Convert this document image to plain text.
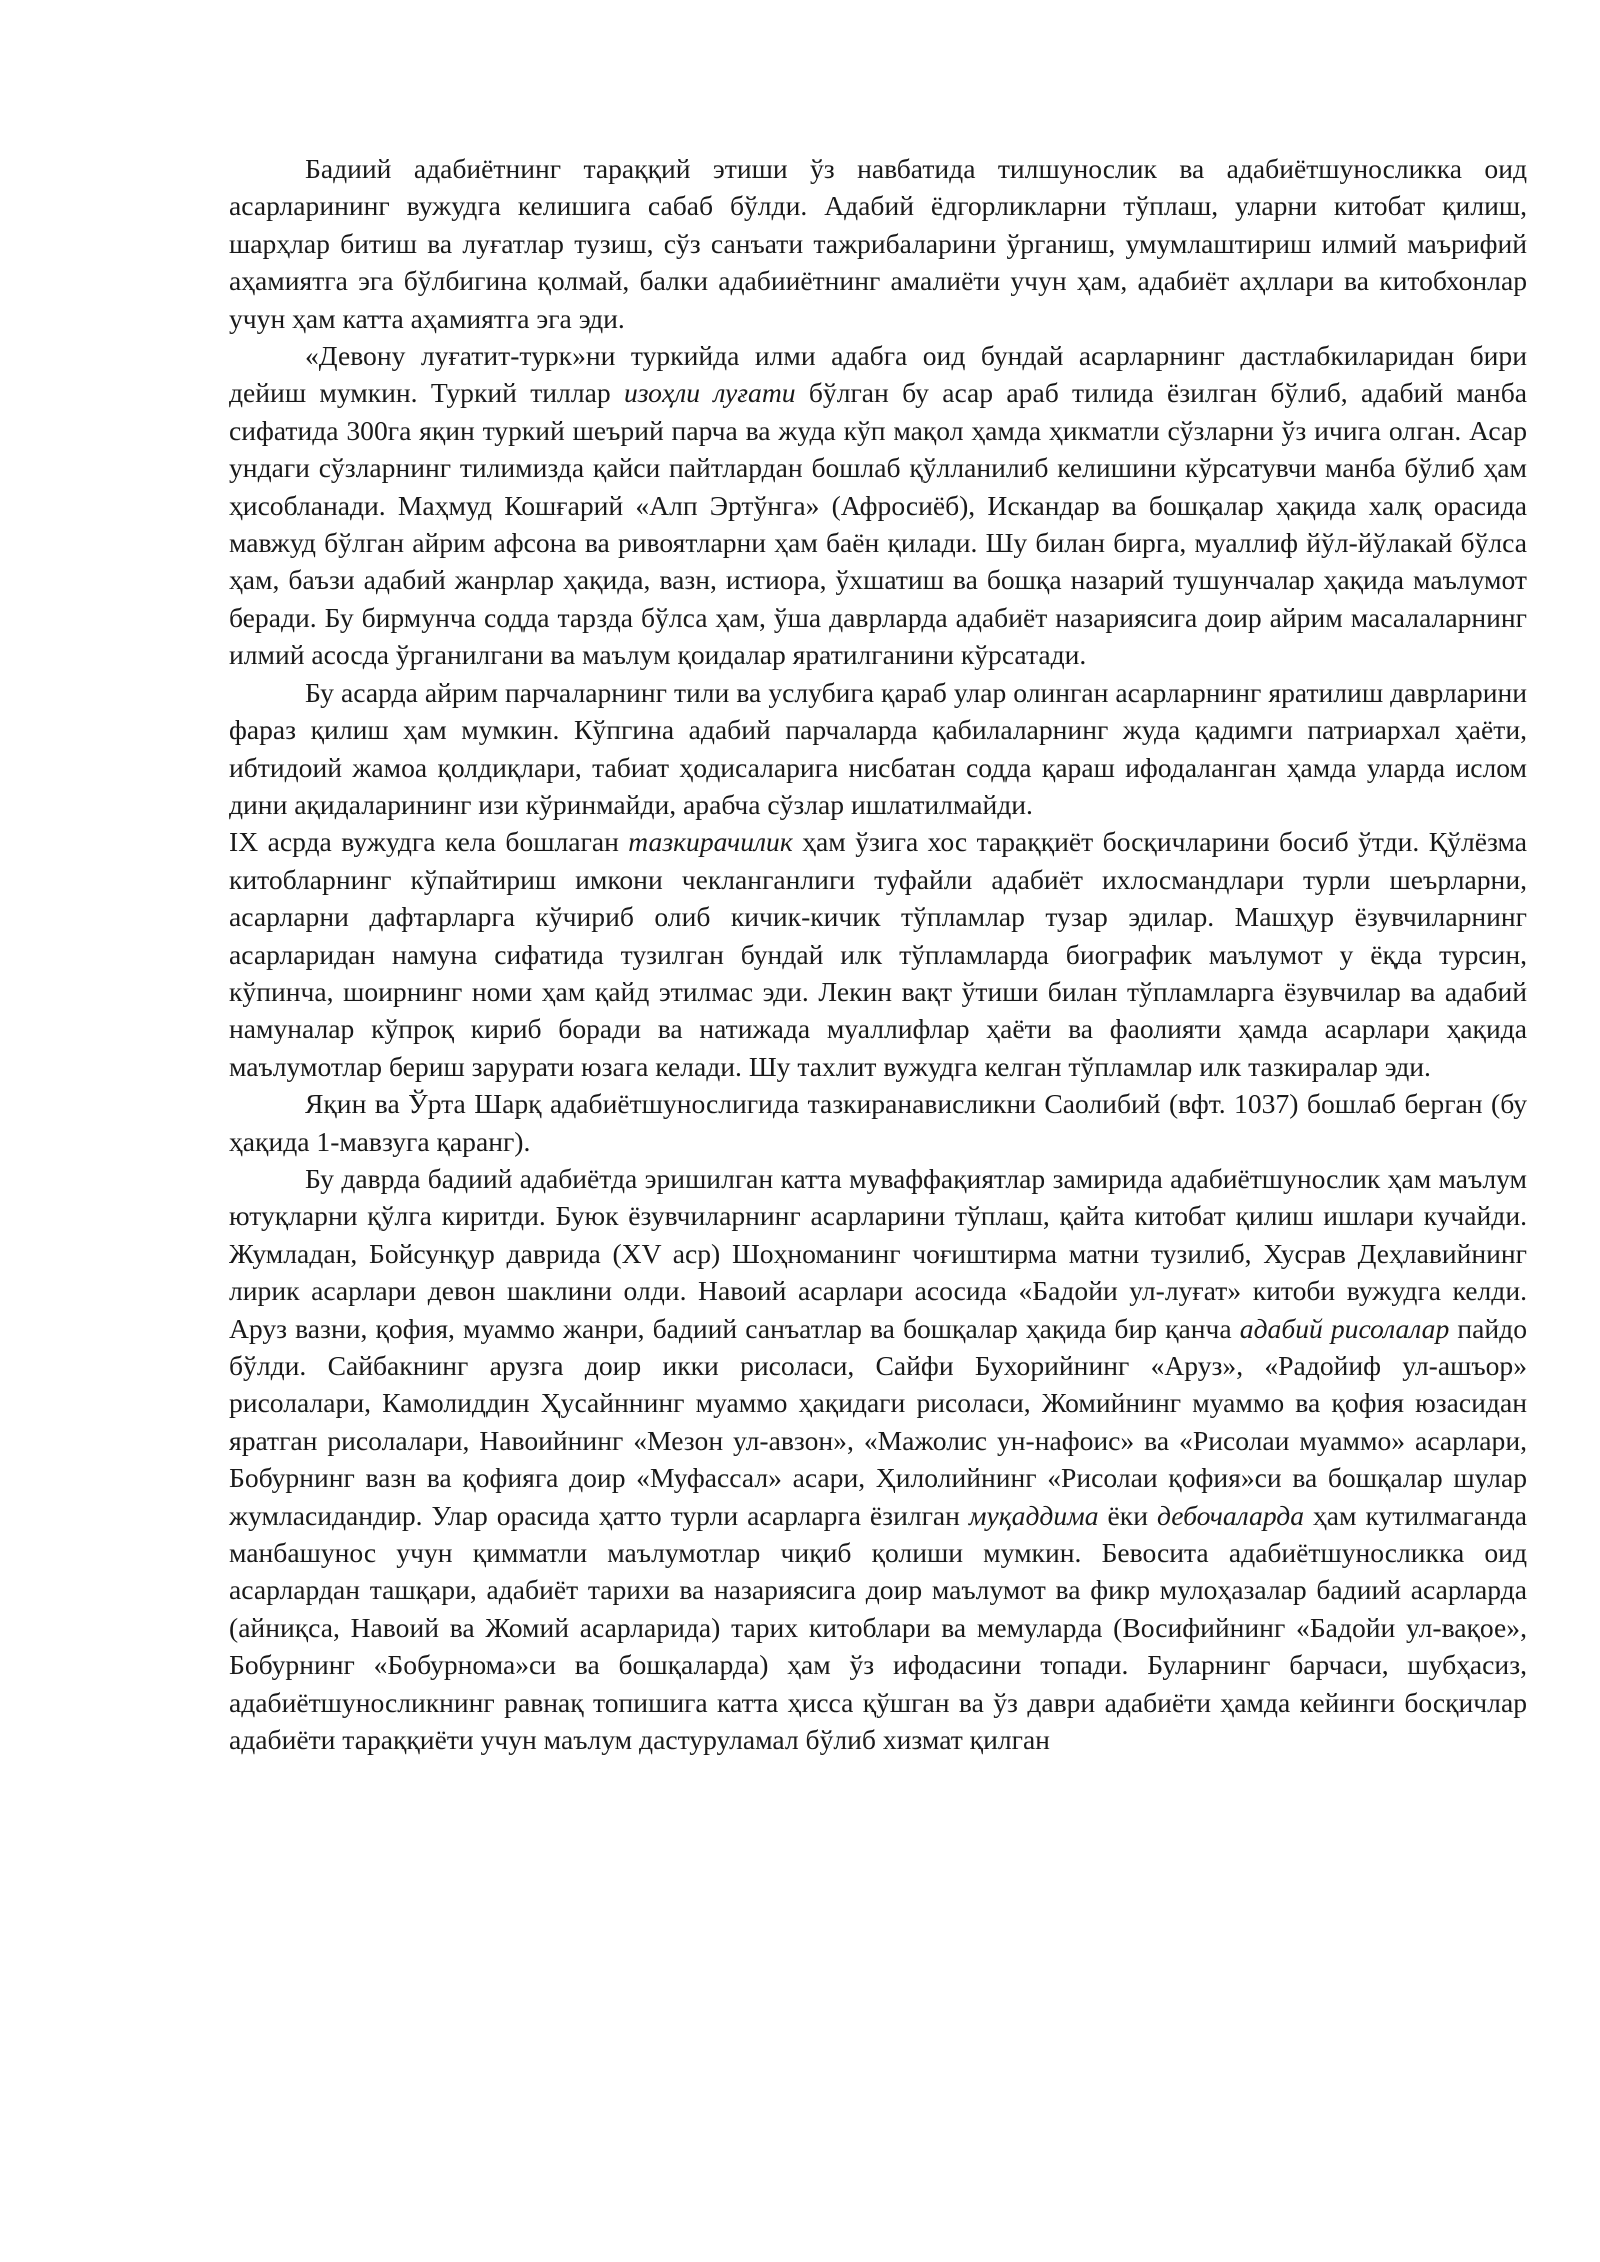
Бадиий адабиётнинг тараққий этиши ўз навбатида тилшунослик ва адабиётшуносликка оид асарларининг вужудга келишига сабаб бўлди. Адабий ёдгорликларни тўплаш, уларни китобат қилиш, шарҳлар битиш ва луғатлар тузиш, сўз санъати тажрибаларини ўрганиш, умумлаштириш илмий маърифий аҳамиятга эга бўлбигина қолмай, балки адабииётнинг амалиёти учун ҳам, адабиёт аҳллари ва китобхонлар учун ҳам катта аҳамиятга эга эди.

«Девону луғатит-турк»ни туркийда илми адабга оид бундай асарларнинг дастлабкиларидан бири дейиш мумкин. Туркий тиллар изоҳли луғати бўлган бу асар араб тилида ёзилган бўлиб, адабий манба сифатида 300га яқин туркий шеърий парча ва жуда кўп мақол ҳамда ҳикматли сўзларни ўз ичига олган. Асар ундаги сўзларнинг тилимизда қайси пайтлардан бошлаб қўлланилиб келишини кўрсатувчи манба бўлиб ҳам ҳисобланади. Маҳмуд Кошғарий «Алп Эртўнга» (Афросиёб), Искандар ва бошқалар ҳақида халқ орасида мавжуд бўлган айрим афсона ва ривоятларни ҳам баён қилади. Шу билан бирга, муаллиф йўл-йўлакай бўлса ҳам, баъзи адабий жанрлар ҳақида, вазн, истиора, ўхшатиш ва бошқа назарий тушунчалар ҳақида маълумот беради. Бу бирмунча содда тарзда бўлса ҳам, ўша даврларда адабиёт назариясига доир айрим масалаларнинг илмий асосда ўрганилгани ва маълум қоидалар яратилганини кўрсатади.

Бу асарда айрим парчаларнинг тили ва услубига қараб улар олинган асарларнинг яратилиш даврларини фараз қилиш ҳам мумкин. Кўпгина адабий парчаларда қабилаларнинг жуда қадимги патриархал ҳаёти, ибтидоий жамоа қолдиқлари, табиат ҳодисаларига нисбатан содда қараш ифодаланган ҳамда уларда ислом дини ақидаларининг изи кўринмайди, арабча сўзлар ишлатилмайди.

IX асрда вужудга кела бошлаган тазкирачилик ҳам ўзига хос тараққиёт босқичларини босиб ўтди. Қўлёзма китобларнинг кўпайтириш имкони чекланганлиги туфайли адабиёт ихлосмандлари турли шеърларни, асарларни дафтарларга кўчириб олиб кичик-кичик тўпламлар тузар эдилар. Машҳур ёзувчиларнинг асарларидан намуна сифатида тузилган бундай илк тўпламларда биографик маълумот у ёқда турсин, кўпинча, шоирнинг номи ҳам қайд этилмас эди. Лекин вақт ўтиши билан тўпламларга ёзувчилар ва адабий намуналар кўпроқ кириб боради ва натижада муаллифлар ҳаёти ва фаолияти ҳамда асарлари ҳақида маълумотлар бериш зарурати юзага келади. Шу тахлит вужудга келган тўпламлар илк тазкиралар эди.

Яқин ва Ўрта Шарқ адабиётшунослигида тазкиранависликни Саолибий (вфт. 1037) бошлаб берган (бу ҳақида 1-мавзуга қаранг).

Бу даврда бадиий адабиётда эришилган катта муваффақиятлар замирида адабиётшунослик ҳам маълум ютуқларни қўлга киритди. Буюк ёзувчиларнинг асарларини тўплаш, қайта китобат қилиш ишлари кучайди. Жумладан, Бойсунқур даврида (XV аср) Шоҳноманинг чоғиштирма матни тузилиб, Хусрав Деҳлавийнинг лирик асарлари девон шаклини олди. Навоий асарлари асосида «Бадойи ул-луғат» китоби вужудга келди. Аруз вазни, қофия, муаммо жанри, бадиий санъатлар ва бошқалар ҳақида бир қанча адабий рисолалар пайдо бўлди. Сайбакнинг арузга доир икки рисоласи, Сайфи Бухорийнинг «Аруз», «Радойиф ул-ашъор» рисолалари, Камолиддин Ҳусайннинг муаммо ҳақидаги рисоласи, Жомийнинг муаммо ва қофия юзасидан яратган рисолалари, Навоийнинг «Мезон ул-авзон», «Мажолис ун-нафоис» ва «Рисолаи муаммо» асарлари, Бобурнинг вазн ва қофияга доир «Муфассал» асари, Ҳилолийнинг «Рисолаи қофия»си ва бошқалар шулар жумласидандир. Улар орасида ҳатто турли асарларга ёзилган муқаддима ёки дебочаларда ҳам кутилмаганда манбашунос учун қимматли маълумотлар чиқиб қолиши мумкин. Бевосита адабиётшуносликка оид асарлардан ташқари, адабиёт тарихи ва назариясига доир маълумот ва фикр мулоҳазалар бадиий асарларда (айниқса, Навоий ва Жомий асарларида) тарих китоблари ва мемуларда (Восифийнинг «Бадойи ул-вақое», Бобурнинг «Бобурнома»си ва бошқаларда) ҳам ўз ифодасини топади. Буларнинг барчаси, шубҳасиз, адабиётшуносликнинг равнақ топишига катта ҳисса қўшган ва ўз даври адабиёти ҳамда кейинги босқичлар адабиёти тараққиёти учун маълум дастуруламал бўлиб хизмат қилган
